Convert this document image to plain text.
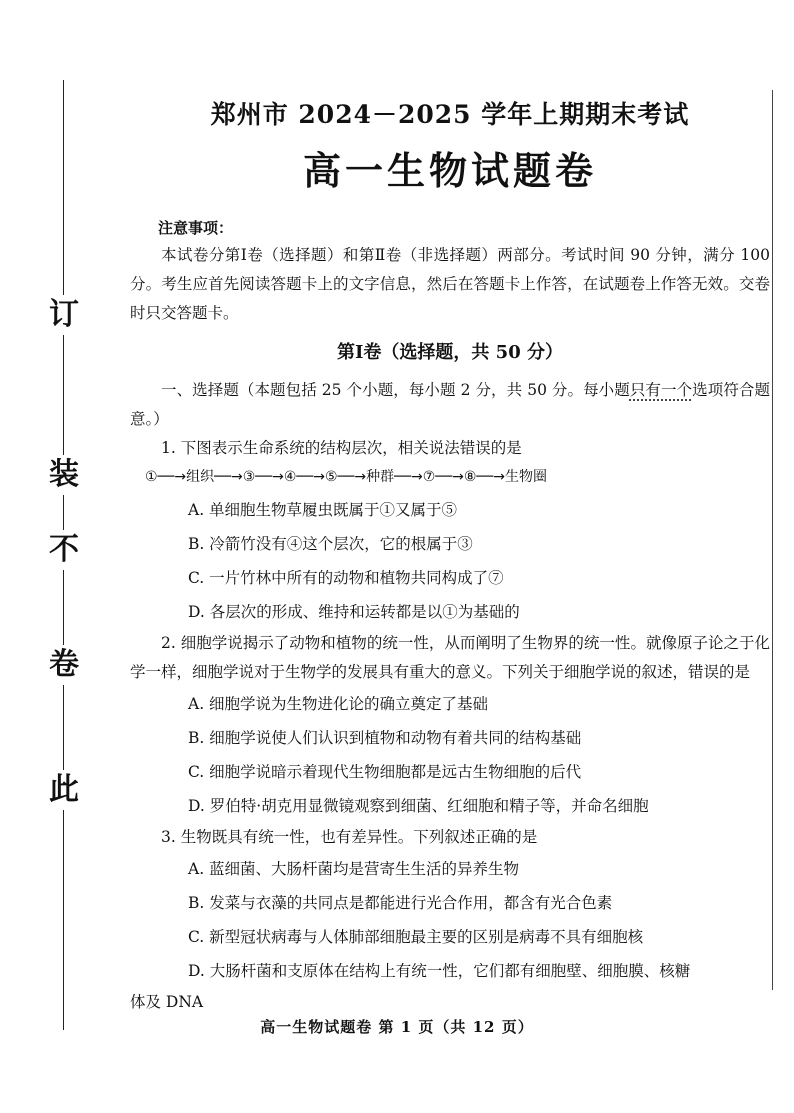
订
装
不
卷
此
郑州市 2024－2025 学年上期期末考试
高一生物试题卷
注意事项：

本试卷分第Ⅰ卷（选择题）和第Ⅱ卷（非选择题）两部分。考试时间 90 分钟，满分 100 分。考生应首先阅读答题卡上的文字信息，然后在答题卡上作答，在试题卷上作答无效。交卷时只交答题卡。

第Ⅰ卷（选择题，共 50 分）

一、选择题（本题包括 25 个小题，每小题 2 分，共 50 分。每小题只有一个选项符合题意。）

1. 下图表示生命系统的结构层次，相关说法错误的是

①──→组织──→③──→④──→⑤──→种群──→⑦──→⑧──→生物圈

A. 单细胞生物草履虫既属于①又属于⑤

B. 冷箭竹没有④这个层次，它的根属于③

C. 一片竹林中所有的动物和植物共同构成了⑦

D. 各层次的形成、维持和运转都是以①为基础的

2. 细胞学说揭示了动物和植物的统一性，从而阐明了生物界的统一性。就像原子论之于化学一样，细胞学说对于生物学的发展具有重大的意义。下列关于细胞学说的叙述，错误的是

A. 细胞学说为生物进化论的确立奠定了基础

B. 细胞学说使人们认识到植物和动物有着共同的结构基础

C. 细胞学说暗示着现代生物细胞都是远古生物细胞的后代

D. 罗伯特·胡克用显微镜观察到细菌、红细胞和精子等，并命名细胞

3. 生物既具有统一性，也有差异性。下列叙述正确的是

A. 蓝细菌、大肠杆菌均是营寄生生活的异养生物

B. 发菜与衣藻的共同点是都能进行光合作用，都含有光合色素

C. 新型冠状病毒与人体肺部细胞最主要的区别是病毒不具有细胞核

D. 大肠杆菌和支原体在结构上有统一性，它们都有细胞壁、细胞膜、核糖

体及 DNA

高一生物试题卷 第 1 页（共 12 页）
